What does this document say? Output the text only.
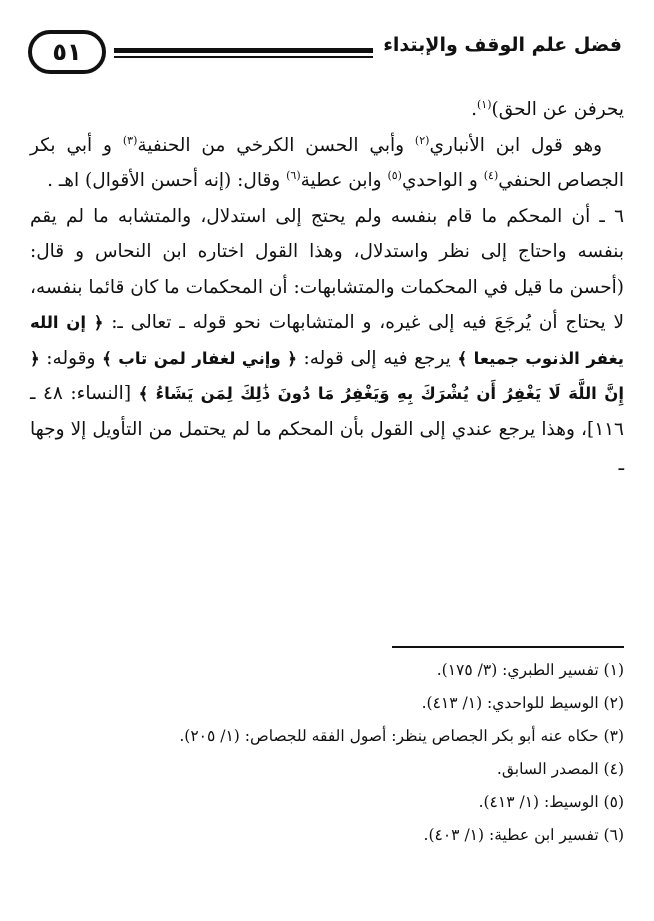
٥١	فضل علم الوقف والإبتداء

يحرفن عن الحق)$^{(١)}$.

وهو قول ابن الأنباري$^{(٢)}$ وأبي الحسن الكرخي من الحنفية$^{(٣)}$ و أبي بكر الجصاص الحنفي$^{(٤)}$ و الواحدي$^{(٥)}$ وابن عطية$^{(٦)}$ وقال: (إنه أحسن الأقوال) اهـ .

٦ ـ أن المحكم ما قام بنفسه ولم يحتج إلى استدلال، والمتشابه ما لم يقم بنفسه واحتاج إلى نظر واستدلال، وهذا القول اختاره ابن النحاس و قال: (أحسن ما قيل في المحكمات والمتشابهات: أن المحكمات ما كان قائما بنفسه، لا يحتاج أن يُرجَعَ فيه إلى غيره، و المتشابهات نحو قوله ـ تعالى ـ: ﴿ إن الله يغفر الذنوب جميعا ﴾ يرجع فيه إلى قوله: ﴿ وإني لغفار لمن تاب ﴾ وقوله: ﴿ إِنَّ اللَّهَ لَا يَغْفِرُ أَن يُشْرَكَ بِهِ وَيَغْفِرُ مَا دُونَ ذَٰلِكَ لِمَن يَشَاءُ ﴾ [النساء: ٤٨ ـ ١١٦]، وهذا يرجع عندي إلى القول بأن المحكم ما لم يحتمل من التأويل إلا وجها ـ

(١) تفسير الطبري: (٣/ ١٧٥).

(٢) الوسيط للواحدي: (١/ ٤١٣).

(٣) حكاه عنه أبو بكر الجصاص ينظر: أصول الفقه للجصاص: (١/ ٢٠٥).

(٤) المصدر السابق.

(٥) الوسيط: (١/ ٤١٣).

(٦) تفسير ابن عطية: (١/ ٤٠٣).
